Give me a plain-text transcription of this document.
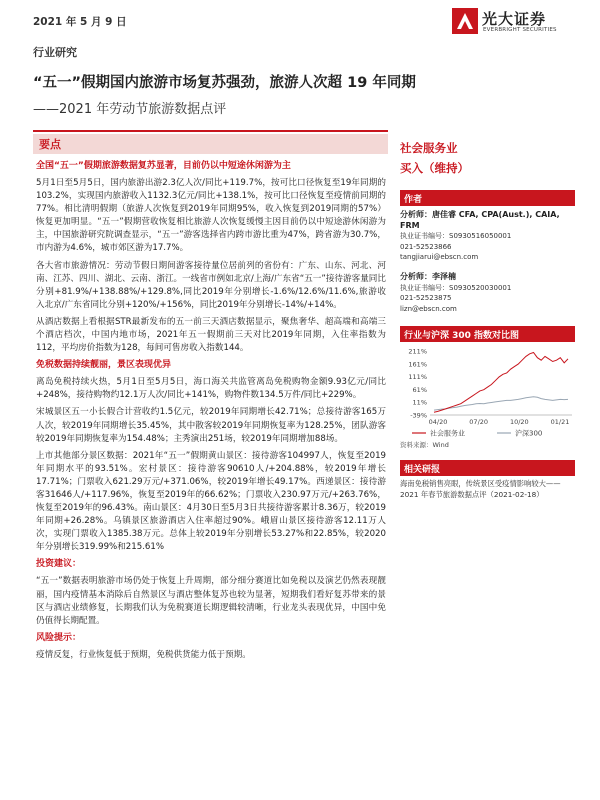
2021 年 5 月 9 日	光大证券
EVERBRIGHT SECURITIES
行业研究
“五一”假期国内旅游市场复苏强劲，旅游人次超 19 年同期
——2021 年劳动节旅游数据点评
要点
全国“五一”假期旅游数据复苏显著，目前仍以中短途休闲游为主

5月1日至5月5日，国内旅游出游2.3亿人次/同比+119.7%，按可比口径恢复至19年同期的103.2%，实现国内旅游收入1132.3亿元/同比+138.1%，按可比口径恢复至疫情前同期的77%。相比清明假期（旅游人次恢复到2019年同期95%，收入恢复到2019同期的57%）恢复更加明显。“五一”假期营收恢复相比旅游人次恢复缓慢主因目前仍以中短途游休闲游为主，中国旅游研究院调查显示，“五一”游客选择省内跨市游比重为47%，跨省游为30.7%，市内游为4.6%，城市郊区游为17.7%。

各大省市旅游情况：劳动节假日期间游客接待量位居前列的省份有：广东、山东、河北、河南、江苏、四川、湖北、云南、浙江。一线省市例如北京/上海/广东省“五一”接待游客量同比分别+81.9%/+138.88%/+129.8%,同比2019年分别增长-1.6%/12.6%/11.6%,旅游收入北京/广东省同比分别+120%/+156%，同比2019年分别增长-14%/+14%。

从酒店数据上看根据STR最新发布的五一前三天酒店数据显示，聚焦奢华、超高端和高端三个酒店档次，中国内地市场，2021年五一假期前三天对比2019年同期，入住率指数为112，平均房价指数为128，每间可售房收入指数144。

免税数据持续靓丽，景区表现优异

离岛免税持续火热，5月1日至5月5日，海口海关共监管离岛免税购物金额9.93亿元/同比+248%，接待购物约12.1万人次/同比+141%，购物件数134.5万件/同比+229%。

宋城景区五一小长假合计营收约1.5亿元，较2019年同期增长42.71%；总接待游客165万人次，较2019年同期增长35.45%，其中散客较2019年同期恢复率为128.25%，团队游客较2019年同期恢复率为154.48%；主秀演出251场，较2019年同期增加88场。

上市其他部分景区数据：2021年“五一”假期黄山景区：接待游客104997人，恢复至2019年同期水平的93.51%。宏村景区：接待游客90610人/+204.88%，较2019年增长17.71%；门票收入621.29万元/+371.06%，较2019年增长49.17%。西递景区：接待游客31646人/+117.96%，恢复至2019年的66.62%；门票收入230.97万元/+263.76%，恢复至2019年的96.43%。南山景区：4月30日至5月3日共接待游客累计8.36万，较2019年同期+26.28%。乌镇景区旅游酒店入住率超过90%。峨眉山景区接待游客12.11万人次，实现门票收入1385.38万元。总体上较2019年分别增长53.27%和22.85%，较2020年分别增长319.99%和215.61%

投资建议：

“五一”数据表明旅游市场仍处于恢复上升周期，部分细分赛道比如免税以及演艺仍然表现靓丽，国内疫情基本消除后自然景区与酒店整体复苏也较为显著，短期我们看好复苏带来的景区与酒店业绩修复，长期我们认为免税赛道长期逻辑较清晰，行业龙头表现优异，中国中免仍值得长期配置。

风险提示：

疫情反复，行业恢复低于预期，免税供货能力低于预期。

社会服务业
买入（维持）
作者
分析师：唐佳睿 CFA, CPA(Aust.), CAIA, FRM
执业证书编号：S0930516050001
021-52523866
tangjiarui@ebscn.com
分析师：李泽楠
执业证书编号：S0930520030001
021-52523875
lizn@ebscn.com
行业与沪深 300 指数对比图
211%
161%
111%
61%
11%
-39%
04/20	07/20	10/20	01/21
社会服务业	沪深300
资料来源：Wind
相关研报
海南免税销售亮眼，传统景区受疫情影响较大——2021 年春节旅游数据点评（2021-02-18）
